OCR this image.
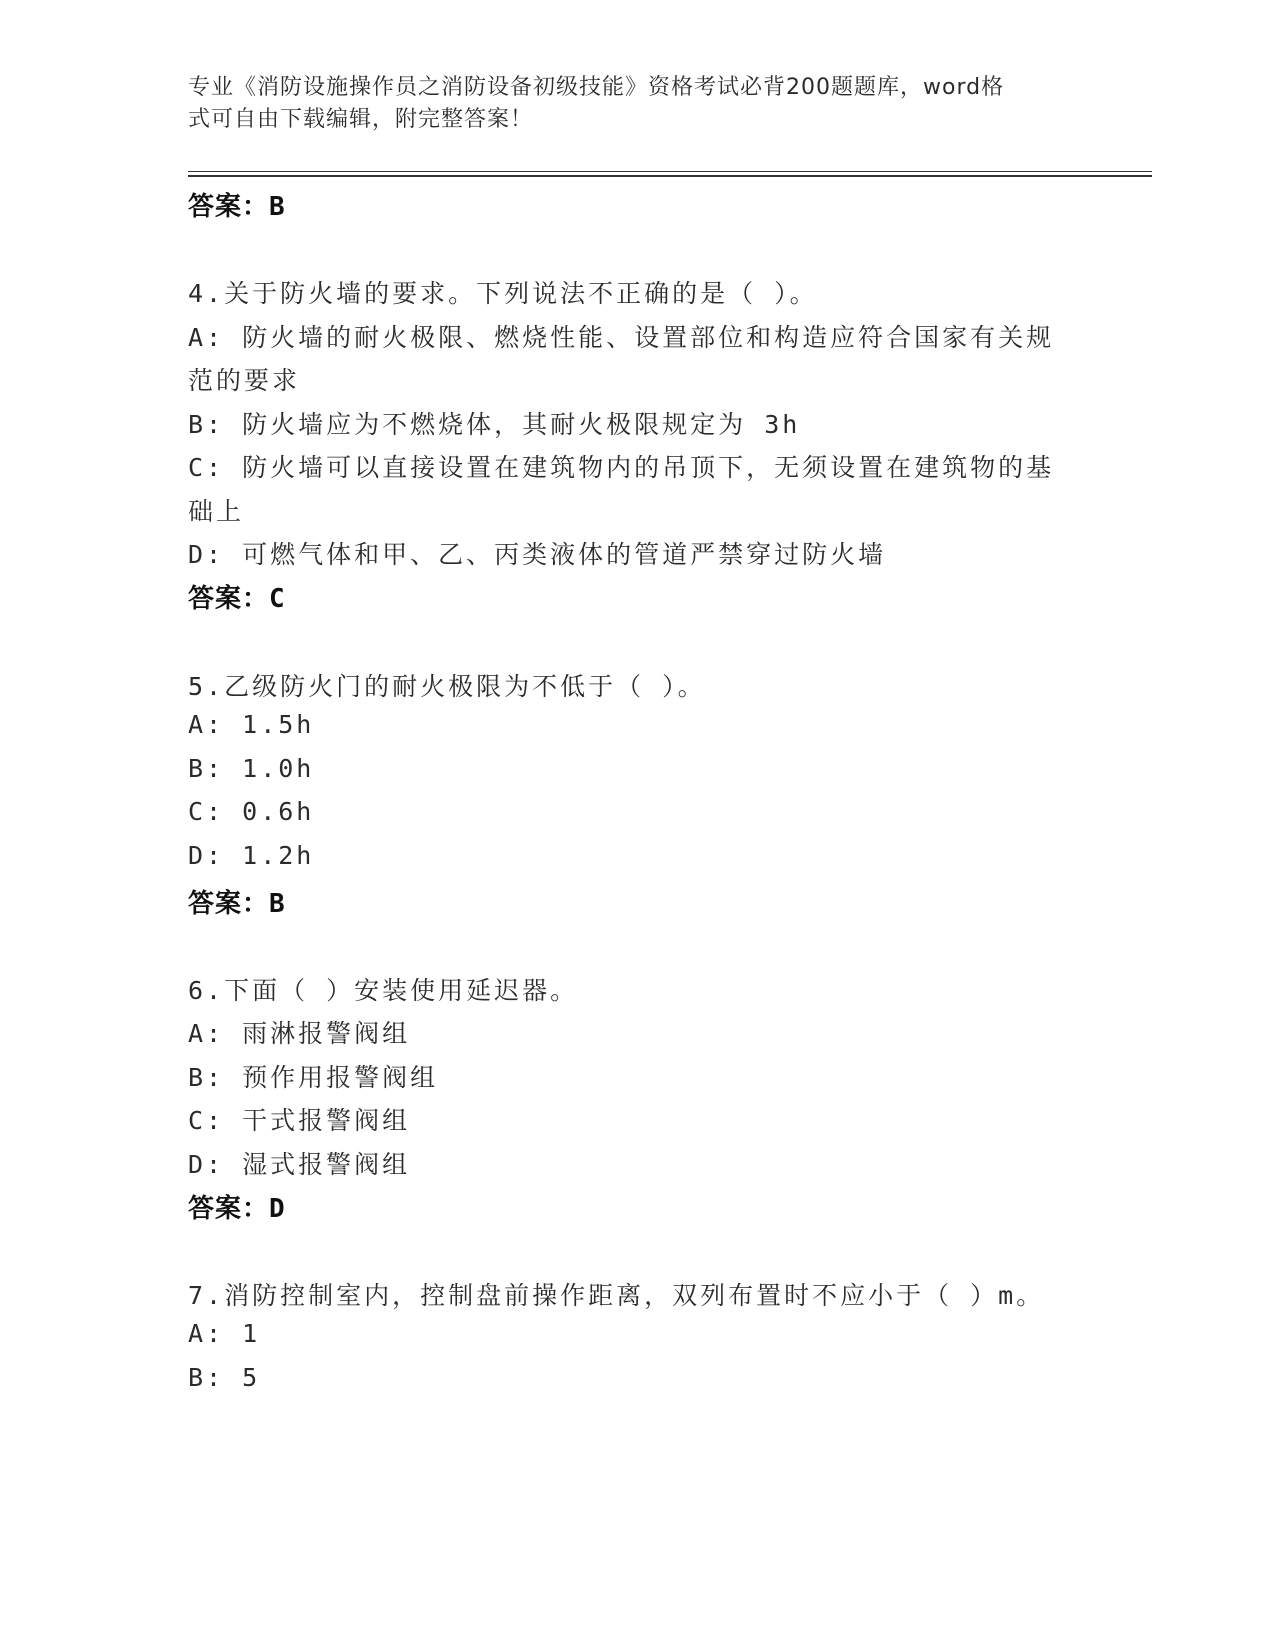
专业《消防设施操作员之消防设备初级技能》资格考试必背200题题库，word格
式可自由下载编辑，附完整答案！
答案：B
4.关于防火墙的要求。下列说法不正确的是（ ）。
A: 防火墙的耐火极限、燃烧性能、设置部位和构造应符合国家有关规
范的要求
B: 防火墙应为不燃烧体，其耐火极限规定为 3h
C: 防火墙可以直接设置在建筑物内的吊顶下，无须设置在建筑物的基
础上
D: 可燃气体和甲、乙、丙类液体的管道严禁穿过防火墙
答案：C
5.乙级防火门的耐火极限为不低于（ ）。
A: 1.5h
B: 1.0h
C: 0.6h
D: 1.2h
答案：B
6.下面（ ）安装使用延迟器。
A: 雨淋报警阀组
B: 预作用报警阀组
C: 干式报警阀组
D: 湿式报警阀组
答案：D
7.消防控制室内，控制盘前操作距离，双列布置时不应小于（ ）m。
A: 1
B: 5
